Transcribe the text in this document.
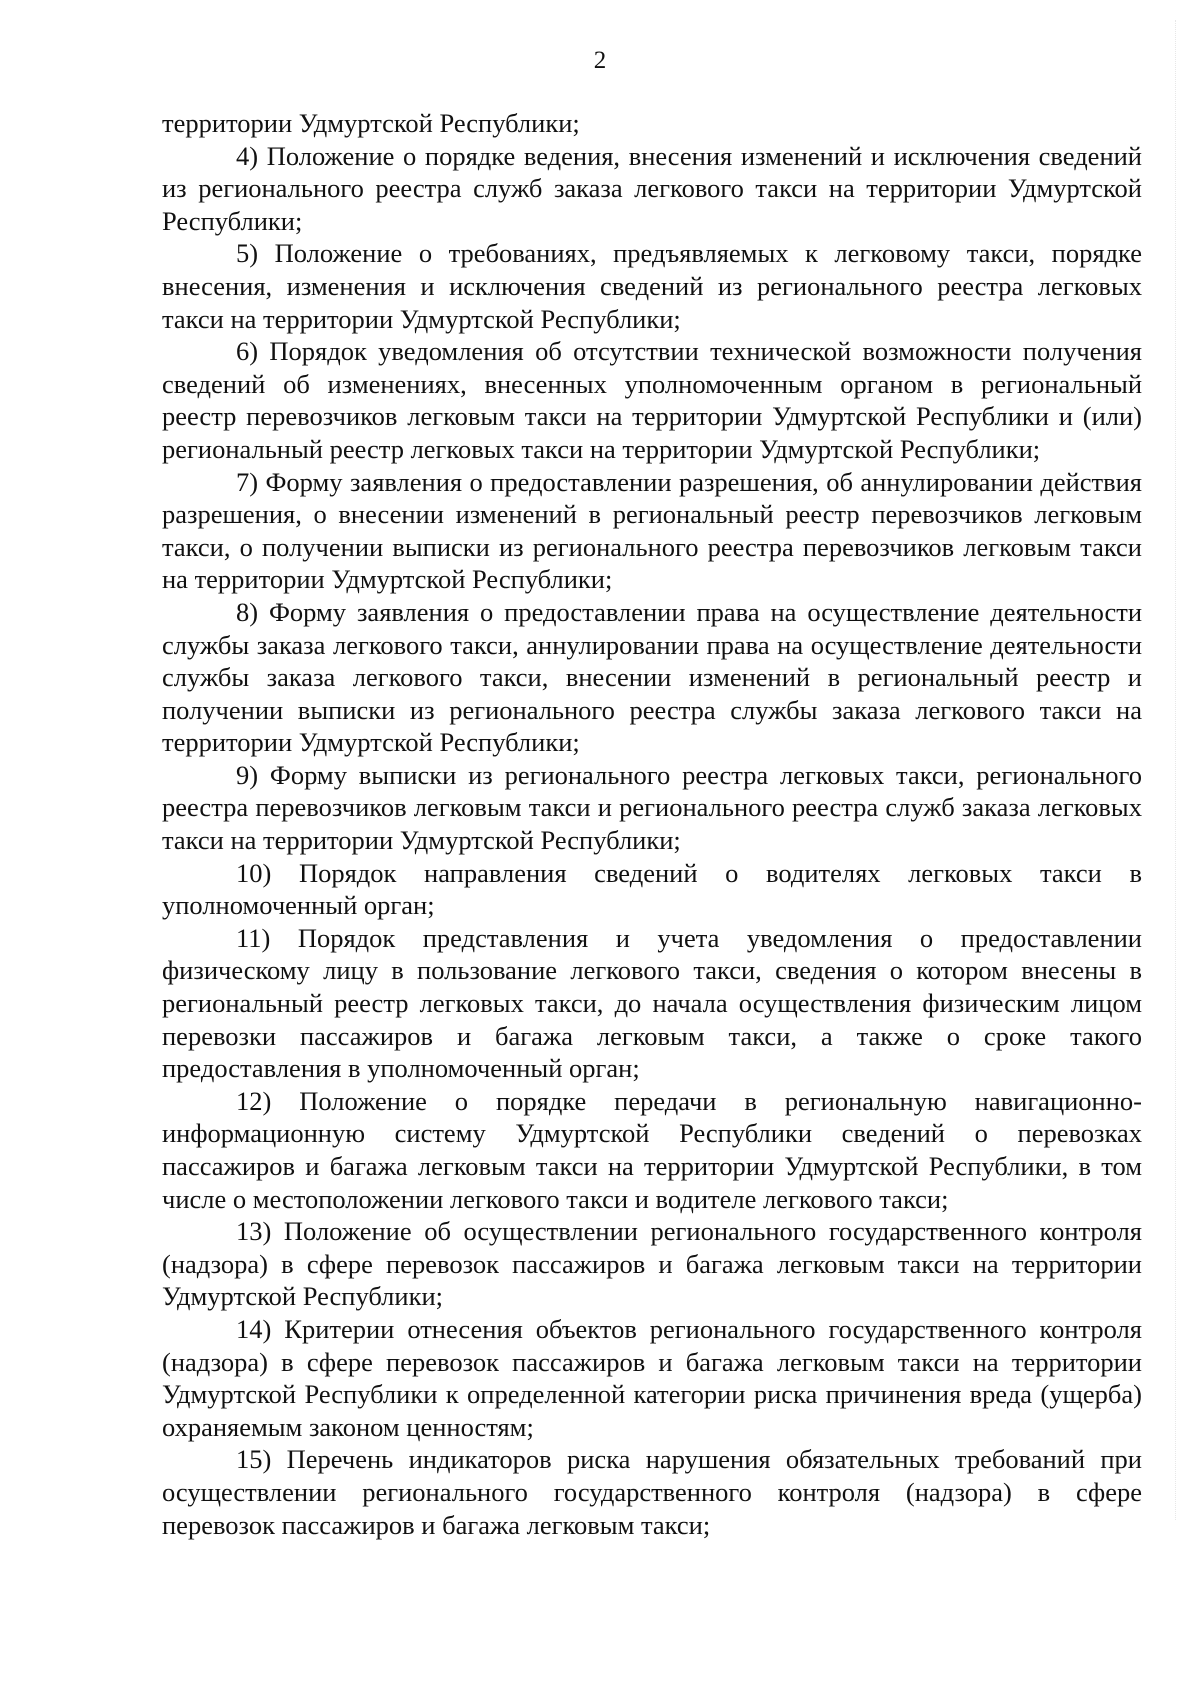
2

территории Удмуртской Республики;

4) Положение о порядке ведения, внесения изменений и исключения сведений из регионального реестра служб заказа легкового такси на территории Удмуртской Республики;

5) Положение о требованиях, предъявляемых к легковому такси, порядке внесения, изменения и исключения сведений из регионального реестра легковых такси на территории Удмуртской Республики;

6) Порядок уведомления об отсутствии технической возможности получения сведений об изменениях, внесенных уполномоченным органом в региональный реестр перевозчиков легковым такси на территории Удмуртской Республики и (или) региональный реестр легковых такси на территории Удмуртской Республики;

7) Форму заявления о предоставлении разрешения, об аннулировании действия разрешения, о внесении изменений в региональный реестр перевозчиков легковым такси, о получении выписки из регионального реестра перевозчиков легковым такси на территории Удмуртской Республики;

8) Форму заявления о предоставлении права на осуществление деятельности службы заказа легкового такси, аннулировании права на осуществление деятельности службы заказа легкового такси, внесении изменений в региональный реестр и получении выписки из регионального реестра службы заказа легкового такси на территории Удмуртской Республики;

9) Форму выписки из регионального реестра легковых такси, регионального реестра перевозчиков легковым такси и регионального реестра служб заказа легковых такси на территории Удмуртской Республики;

10) Порядок направления сведений о водителях легковых такси в уполномоченный орган;

11) Порядок представления и учета уведомления о предоставлении физическому лицу в пользование легкового такси, сведения о котором внесены в региональный реестр легковых такси, до начала осуществления физическим лицом перевозки пассажиров и багажа легковым такси, а также о сроке такого предоставления в уполномоченный орган;

12) Положение о порядке передачи в региональную навигационно-информационную систему Удмуртской Республики сведений о перевозках пассажиров и багажа легковым такси на территории Удмуртской Республики, в том числе о местоположении легкового такси и водителе легкового такси;

13) Положение об осуществлении регионального государственного контроля (надзора) в сфере перевозок пассажиров и багажа легковым такси на территории Удмуртской Республики;

14) Критерии отнесения объектов регионального государственного контроля (надзора) в сфере перевозок пассажиров и багажа легковым такси на территории Удмуртской Республики к определенной категории риска причинения вреда (ущерба) охраняемым законом ценностям;

15) Перечень индикаторов риска нарушения обязательных требований при осуществлении регионального государственного контроля (надзора) в сфере перевозок пассажиров и багажа легковым такси;
